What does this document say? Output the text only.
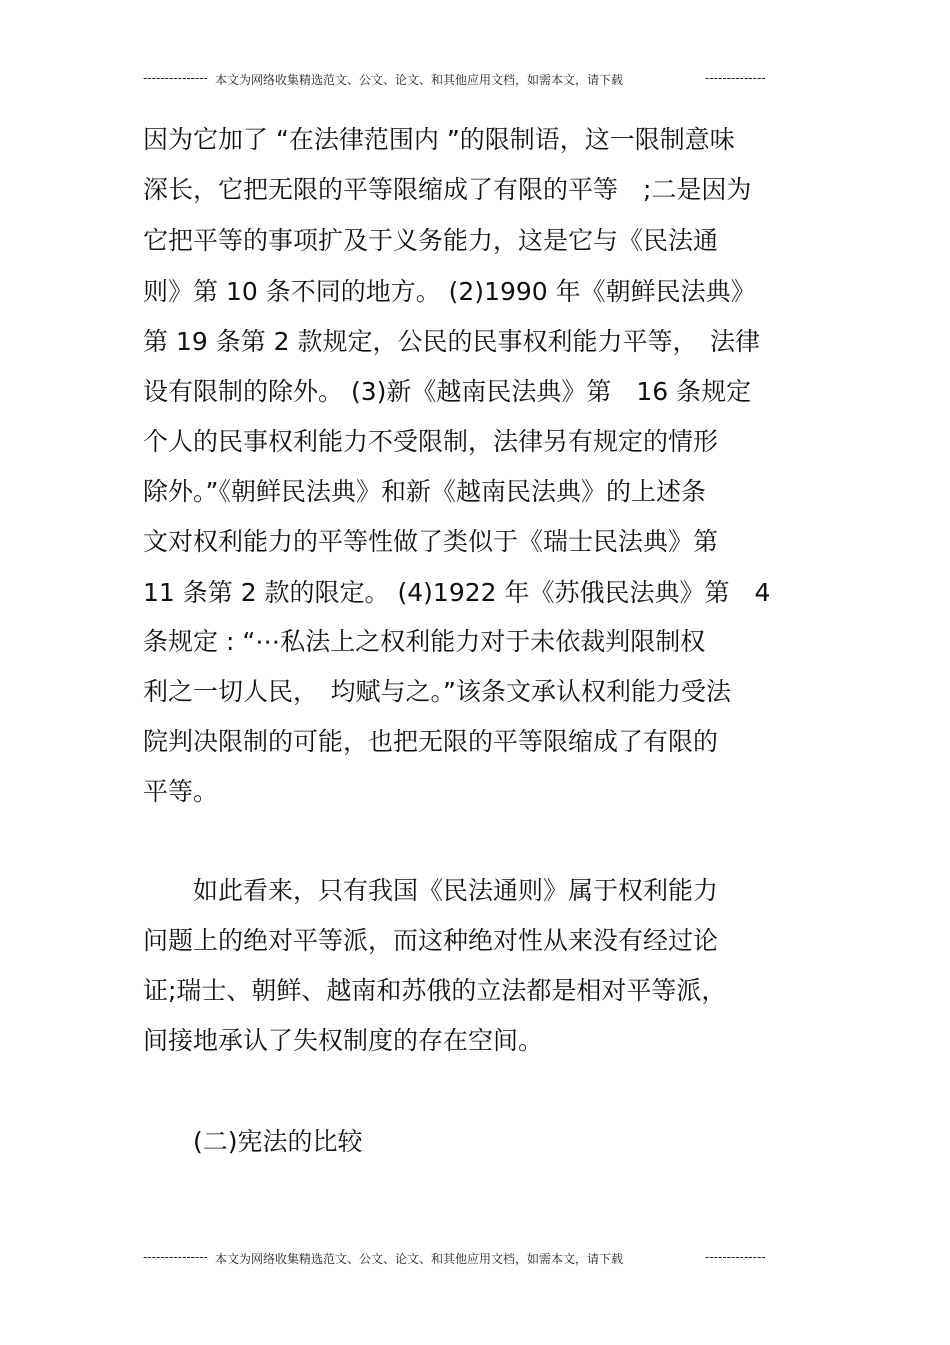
--------------- 本文为网络收集精选范文、公文、论文、和其他应用文档，如需本文，请下载	--------------
因为它加了 “在法律范围内 ”的限制语，这一限制意味
深长，它把无限的平等限缩成了有限的平等　;二是因为
它把平等的事项扩及于义务能力，这是它与《民法通
则》第 10 条不同的地方。 (2)1990 年《朝鲜民法典》
第 19 条第 2 款规定，公民的民事权利能力平等，　法律
设有限制的除外。 (3)新《越南民法典》第　16 条规定
个人的民事权利能力不受限制，法律另有规定的情形
除外。”《朝鲜民法典》和新《越南民法典》的上述条
文对权利能力的平等性做了类似于《瑞士民法典》第
11 条第 2 款的限定。 (4)1922 年《苏俄民法典》第　4
条规定 : “⋯私法上之权利能力对于未依裁判限制权
利之一切人民，　均赋与之。”该条文承认权利能力受法
院判决限制的可能，也把无限的平等限缩成了有限的
平等。
　　如此看来，只有我国《民法通则》属于权利能力
问题上的绝对平等派，而这种绝对性从来没有经过论
证;瑞士、朝鲜、越南和苏俄的立法都是相对平等派，
间接地承认了失权制度的存在空间。
　　(二)宪法的比较
--------------- 本文为网络收集精选范文、公文、论文、和其他应用文档，如需本文，请下载	--------------
